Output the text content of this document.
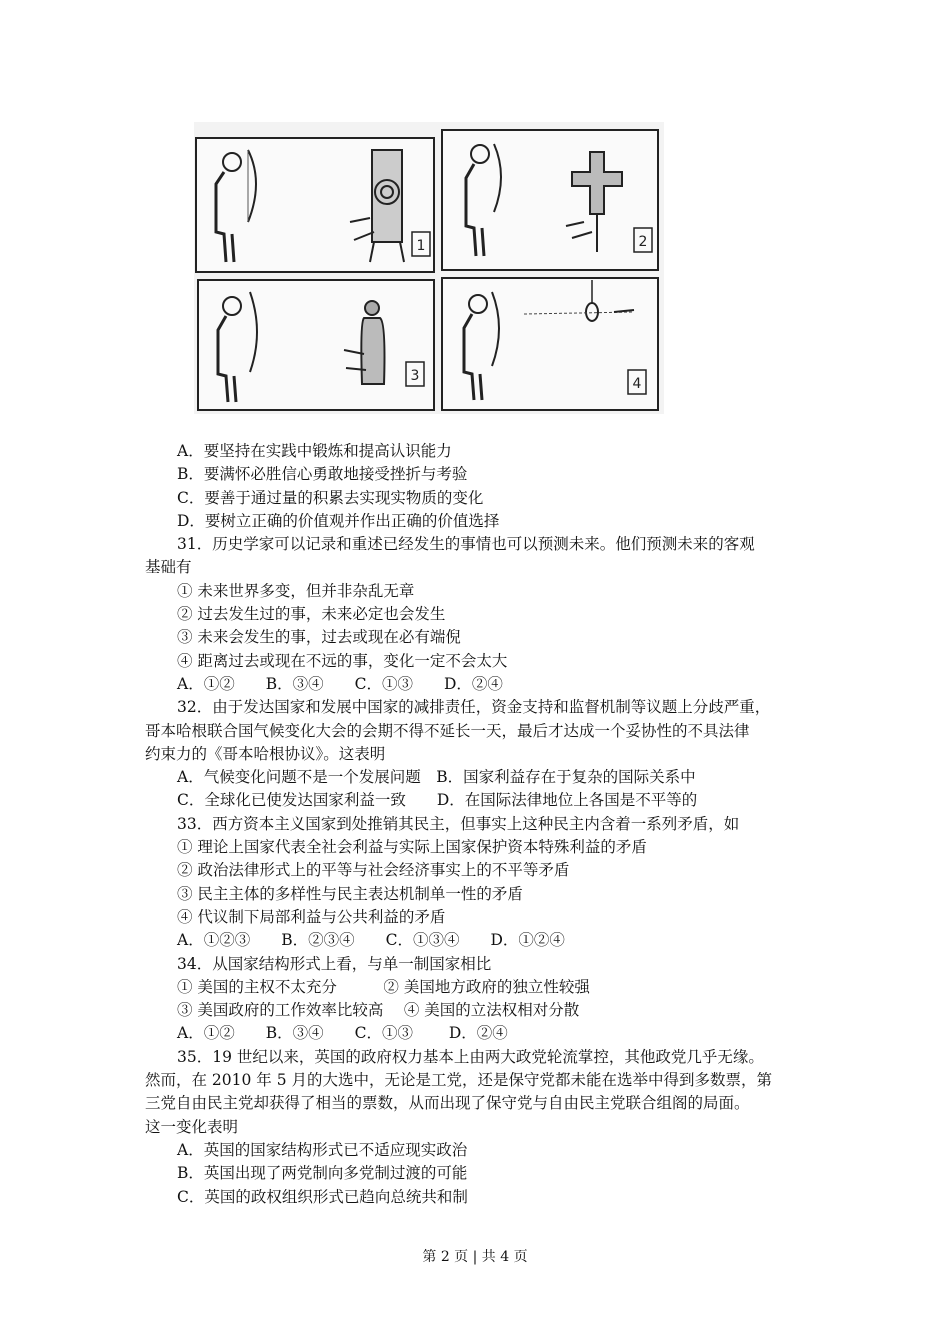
1	2
3	4
A．要坚持在实践中锻炼和提高认识能力
B．要满怀必胜信心勇敢地接受挫折与考验
C．要善于通过量的积累去实现实物质的变化
D．要树立正确的价值观并作出正确的价值选择
31．历史学家可以记录和重述已经发生的事情也可以预测未来。他们预测未来的客观
基础有
① 未来世界多变，但并非杂乱无章
② 过去发生过的事，未来必定也会发生
③ 未来会发生的事，过去或现在必有端倪
④ 距离过去或现在不远的事，变化一定不会太大
A．①②　　B．③④　　C．①③　　D．②④
32．由于发达国家和发展中国家的减排责任，资金支持和监督机制等议题上分歧严重，
哥本哈根联合国气候变化大会的会期不得不延长一天，最后才达成一个妥协性的不具法律
约束力的《哥本哈根协议》。这表明
A．气候变化问题不是一个发展问题　B．国家利益存在于复杂的国际关系中
C．全球化已使发达国家利益一致　　D．在国际法律地位上各国是不平等的
33．西方资本主义国家到处推销其民主，但事实上这种民主内含着一系列矛盾，如
① 理论上国家代表全社会利益与实际上国家保护资本特殊利益的矛盾
② 政治法律形式上的平等与社会经济事实上的不平等矛盾
③ 民主主体的多样性与民主表达机制单一性的矛盾
④ 代议制下局部利益与公共利益的矛盾
A．①②③　　B．②③④　　C．①③④　　D．①②④
34．从国家结构形式上看，与单一制国家相比
① 美国的主权不太充分　　　② 美国地方政府的独立性较强
③ 美国政府的工作效率比较高　 ④ 美国的立法权相对分散
A．①②　　B．③④　　C．①③　　 D．②④
35．19 世纪以来，英国的政府权力基本上由两大政党轮流掌控，其他政党几乎无缘。
然而，在 2010 年 5 月的大选中，无论是工党，还是保守党都未能在选举中得到多数票，第
三党自由民主党却获得了相当的票数，从而出现了保守党与自由民主党联合组阁的局面。
这一变化表明
A．英国的国家结构形式已不适应现实政治
B．英国出现了两党制向多党制过渡的可能
C．英国的政权组织形式已趋向总统共和制
第 2 页 | 共 4 页
